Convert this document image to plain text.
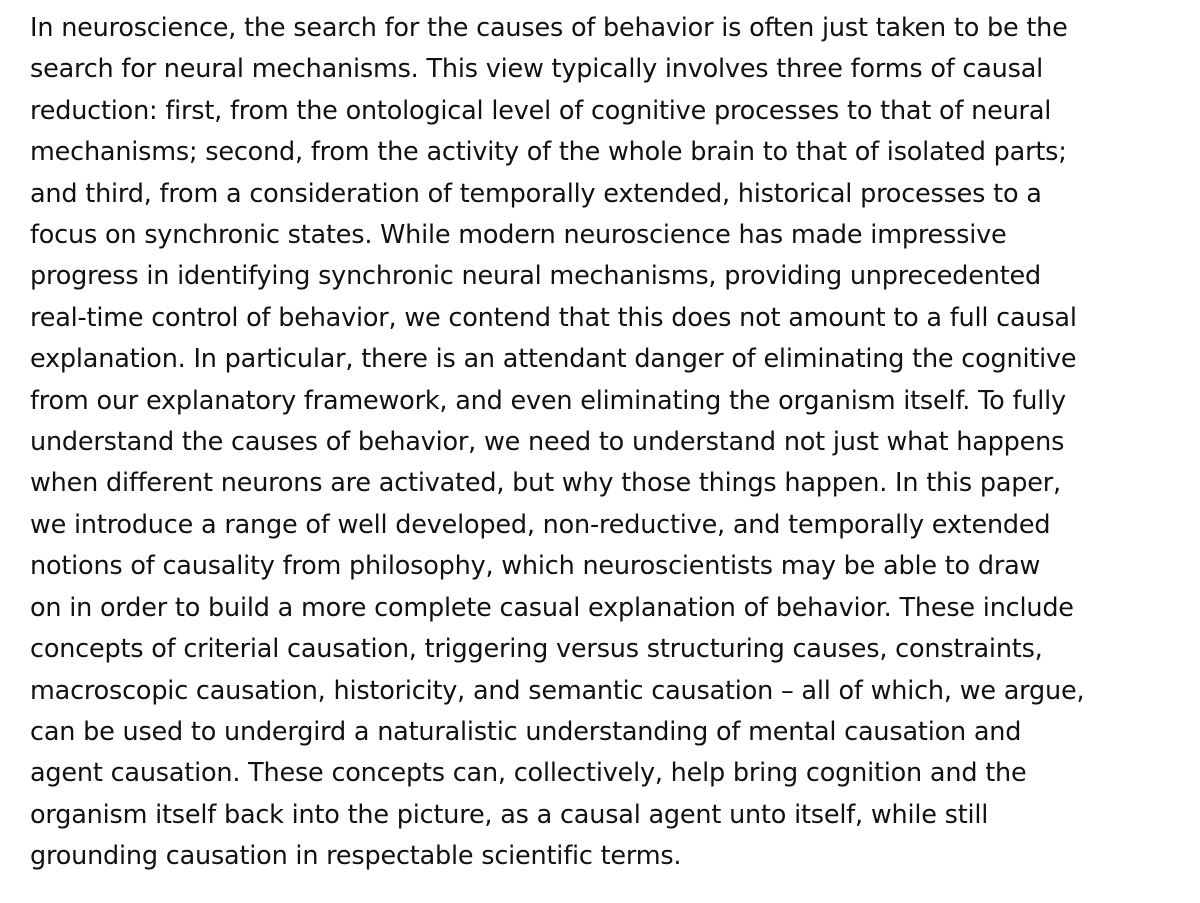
In neuroscience, the search for the causes of behavior is often just taken to be the
search for neural mechanisms. This view typically involves three forms of causal
reduction: first, from the ontological level of cognitive processes to that of neural
mechanisms; second, from the activity of the whole brain to that of isolated parts;
and third, from a consideration of temporally extended, historical processes to a
focus on synchronic states. While modern neuroscience has made impressive
progress in identifying synchronic neural mechanisms, providing unprecedented
real-time control of behavior, we contend that this does not amount to a full causal
explanation. In particular, there is an attendant danger of eliminating the cognitive
from our explanatory framework, and even eliminating the organism itself. To fully
understand the causes of behavior, we need to understand not just what happens
when different neurons are activated, but why those things happen. In this paper,
we introduce a range of well developed, non-reductive, and temporally extended
notions of causality from philosophy, which neuroscientists may be able to draw
on in order to build a more complete casual explanation of behavior. These include
concepts of criterial causation, triggering versus structuring causes, constraints,
macroscopic causation, historicity, and semantic causation – all of which, we argue,
can be used to undergird a naturalistic understanding of mental causation and
agent causation. These concepts can, collectively, help bring cognition and the
organism itself back into the picture, as a causal agent unto itself, while still
grounding causation in respectable scientific terms.
